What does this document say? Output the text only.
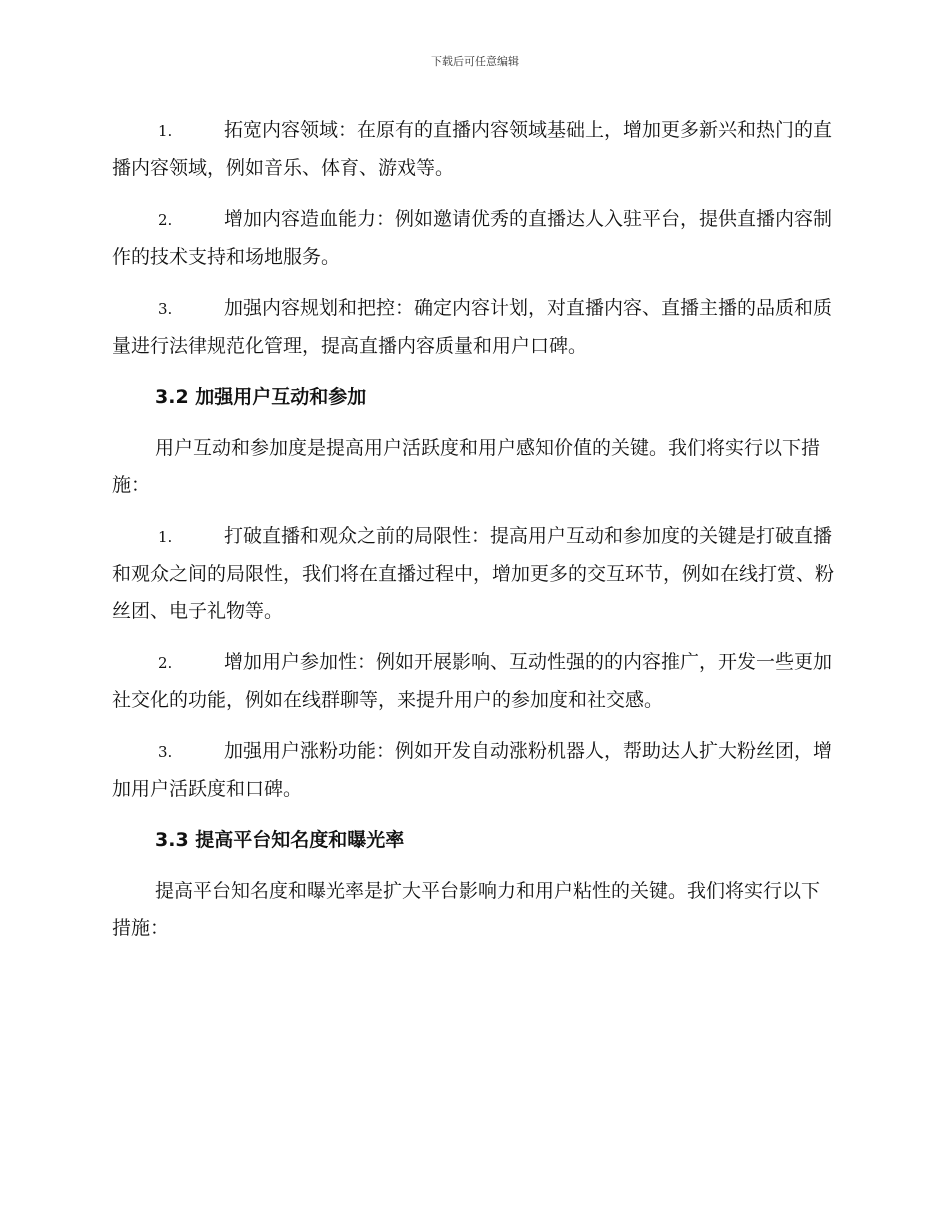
下载后可任意编辑

1.	拓宽内容领域：在原有的直播内容领域基础上，增加更多新兴和热门的直播内容领域，例如音乐、体育、游戏等。

2.	增加内容造血能力：例如邀请优秀的直播达人入驻平台，提供直播内容制作的技术支持和场地服务。

3.	加强内容规划和把控：确定内容计划，对直播内容、直播主播的品质和质量进行法律规范化管理，提高直播内容质量和用户口碑。

3.2 加强用户互动和参加

用户互动和参加度是提高用户活跃度和用户感知价值的关键。我们将实行以下措施：

1.	打破直播和观众之前的局限性：提高用户互动和参加度的关键是打破直播和观众之间的局限性，我们将在直播过程中，增加更多的交互环节，例如在线打赏、粉丝团、电子礼物等。

2.	增加用户参加性：例如开展影响、互动性强的的内容推广，开发一些更加社交化的功能，例如在线群聊等，来提升用户的参加度和社交感。

3.	加强用户涨粉功能：例如开发自动涨粉机器人，帮助达人扩大粉丝团，增加用户活跃度和口碑。

3.3 提高平台知名度和曝光率

提高平台知名度和曝光率是扩大平台影响力和用户粘性的关键。我们将实行以下措施：
